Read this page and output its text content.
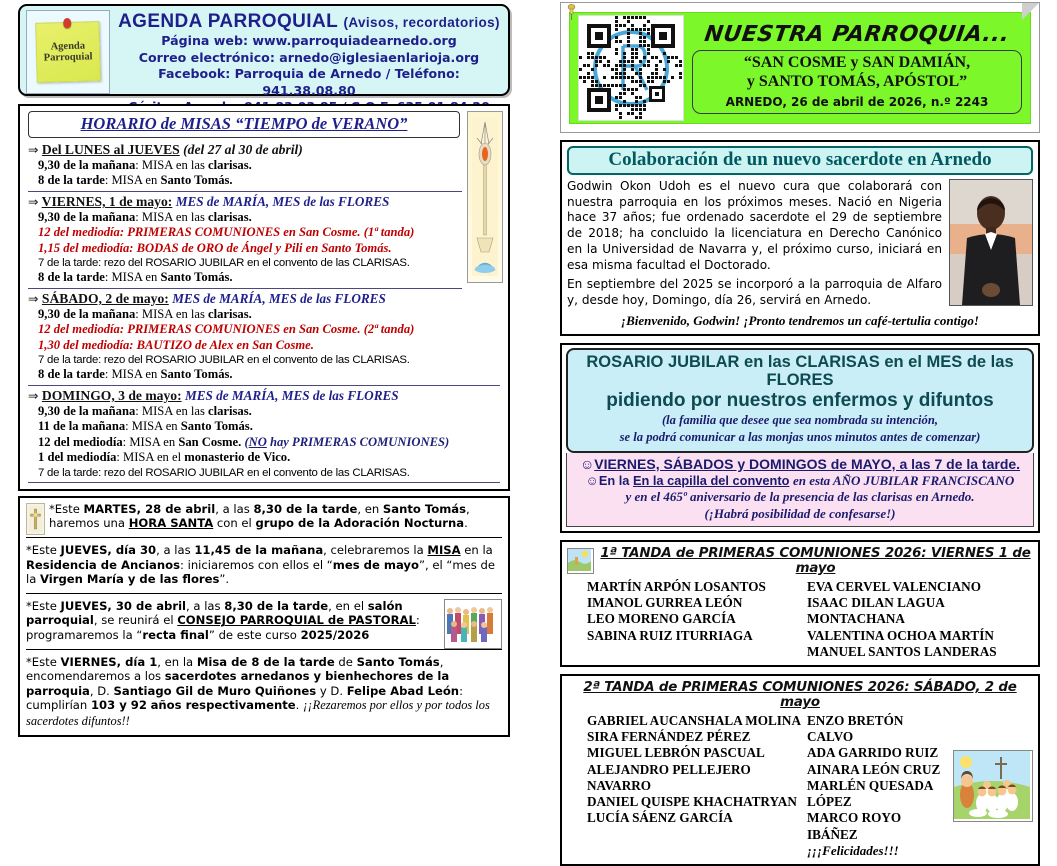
Agenda
Parroquial
AGENDA PARROQUIAL (Avisos, recordatorios)
Página web: www.parroquiadearnedo.org
Correo electrónico: arnedo@iglesiaenlarioja.org
Facebook: Parroquia de Arnedo / Teléfono: 941.38.08.80
HORARIO de MISAS “TIEMPO de VERANO”
⇒ Del LUNES al JUEVES (del 27 al 30 de abril)
9,30 de la mañana: MISA en las clarisas.
8 de la tarde: MISA en Santo Tomás.
⇒ VIERNES, 1 de mayo: MES de MARÍA, MES de las FLORES
9,30 de la mañana: MISA en las clarisas.
12 del mediodía: PRIMERAS COMUNIONES en San Cosme. (1ª tanda)
1,15 del mediodía: BODAS de ORO de Ángel y Pili en Santo Tomás.
7 de la tarde: rezo del ROSARIO JUBILAR en el convento de las CLARISAS.
8 de la tarde: MISA en Santo Tomás.
⇒ SÁBADO, 2 de mayo: MES de MARÍA, MES de las FLORES
9,30 de la mañana: MISA en las clarisas.
12 del mediodía: PRIMERAS COMUNIONES en San Cosme. (2ª tanda)
1,30 del mediodía: BAUTIZO de Alex en San Cosme.
7 de la tarde: rezo del ROSARIO JUBILAR en el convento de las CLARISAS.
8 de la tarde: MISA en Santo Tomás.
⇒ DOMINGO, 3 de mayo: MES de MARÍA, MES de las FLORES
9,30 de la mañana: MISA en las clarisas.
11 de la mañana: MISA en Santo Tomás.
12 del mediodía: MISA en San Cosme. (NO hay PRIMERAS COMUNIONES)
1 del mediodía: MISA en el monasterio de Vico.
7 de la tarde: rezo del ROSARIO JUBILAR en el convento de las CLARISAS.
*Este MARTES, 28 de abril, a las 8,30 de la tarde, en Santo Tomás, haremos una HORA SANTA con el grupo de la Adoración Nocturna.
*Este JUEVES, día 30, a las 11,45 de la mañana, celebraremos la MISA en la Residencia de Ancianos: iniciaremos con ellos el “mes de mayo”, el “mes de la Virgen María y de las flores”.
*Este JUEVES, 30 de abril, a las 8,30 de la tarde, en el salón parroquial, se reunirá el CONSEJO PARROQUIAL de PASTORAL: programaremos la “recta final” de este curso 2025/2026
*Este VIERNES, día 1, en la Misa de 8 de la tarde de Santo Tomás, encomendaremos a los sacerdotes arnedanos y bienhechores de la parroquia, D. Santiago Gil de Muro Quiñones y D. Felipe Abad León: cumplirían 103 y 92 años respectivamente. ¡¡Rezaremos por ellos y por todos los sacerdotes difuntos!!
NUESTRA PARROQUIA...
“SAN COSME y SAN DAMIÁN,
y SANTO TOMÁS, APÓSTOL”
ARNEDO, 26 de abril de 2026, n.º 2243
Colaboración de un nuevo sacerdote en Arnedo

Godwin Okon Udoh es el nuevo cura que colaborará con nuestra parroquia en los próximos meses. Nació en Nigeria hace 37 años; fue ordenado sacerdote el 29 de septiembre de 2018; ha concluido la licenciatura en Derecho Canónico en la Universidad de Navarra y, el próximo curso, iniciará en esa misma facultad el Doctorado.

En septiembre del 2025 se incorporó a la parroquia de Alfaro y, desde hoy, Domingo, día 26, servirá en Arnedo.

¡Bienvenido, Godwin! ¡Pronto tendremos un café-tertulia contigo!
ROSARIO JUBILAR en las CLARISAS en el MES de las FLORES
pidiendo por nuestros enfermos y difuntos
(la familia que desee que sea nombrada su intención,
se la podrá comunicar a las monjas unos minutos antes de comenzar)
☺VIERNES, SÁBADOS y DOMINGOS de MAYO, a las 7 de la tarde.
☺En la En la capilla del convento en esta AÑO JUBILAR FRANCISCANO
y en el 465º aniversario de la presencia de las clarisas en Arnedo.
(¡Habrá posibilidad de confesarse!)
1ª TANDA de PRIMERAS COMUNIONES 2026: VIERNES 1 de mayo
MARTÍN ARPÓN LOSANTOS
IMANOL GURREA LEÓN
LEO MORENO GARCÍA
SABINA RUIZ ITURRIAGA
EVA CERVEL VALENCIANO
ISAAC DILAN LAGUA MONTACHANA
VALENTINA OCHOA MARTÍN
MANUEL SANTOS LANDERAS
2ª TANDA de PRIMERAS COMUNIONES 2026: SÁBADO, 2 de mayo
GABRIEL AUCANSHALA MOLINA
SIRA FERNÁNDEZ PÉREZ
MIGUEL LEBRÓN PASCUAL
ALEJANDRO PELLEJERO NAVARRO
DANIEL QUISPE KHACHATRYAN
LUCÍA SÁENZ GARCÍA
ENZO BRETÓN CALVO
ADA GARRIDO RUIZ
AINARA LEÓN CRUZ
MARLÉN QUESADA LÓPEZ
MARCO ROYO IBÁÑEZ
¡¡¡Felicidades!!!
